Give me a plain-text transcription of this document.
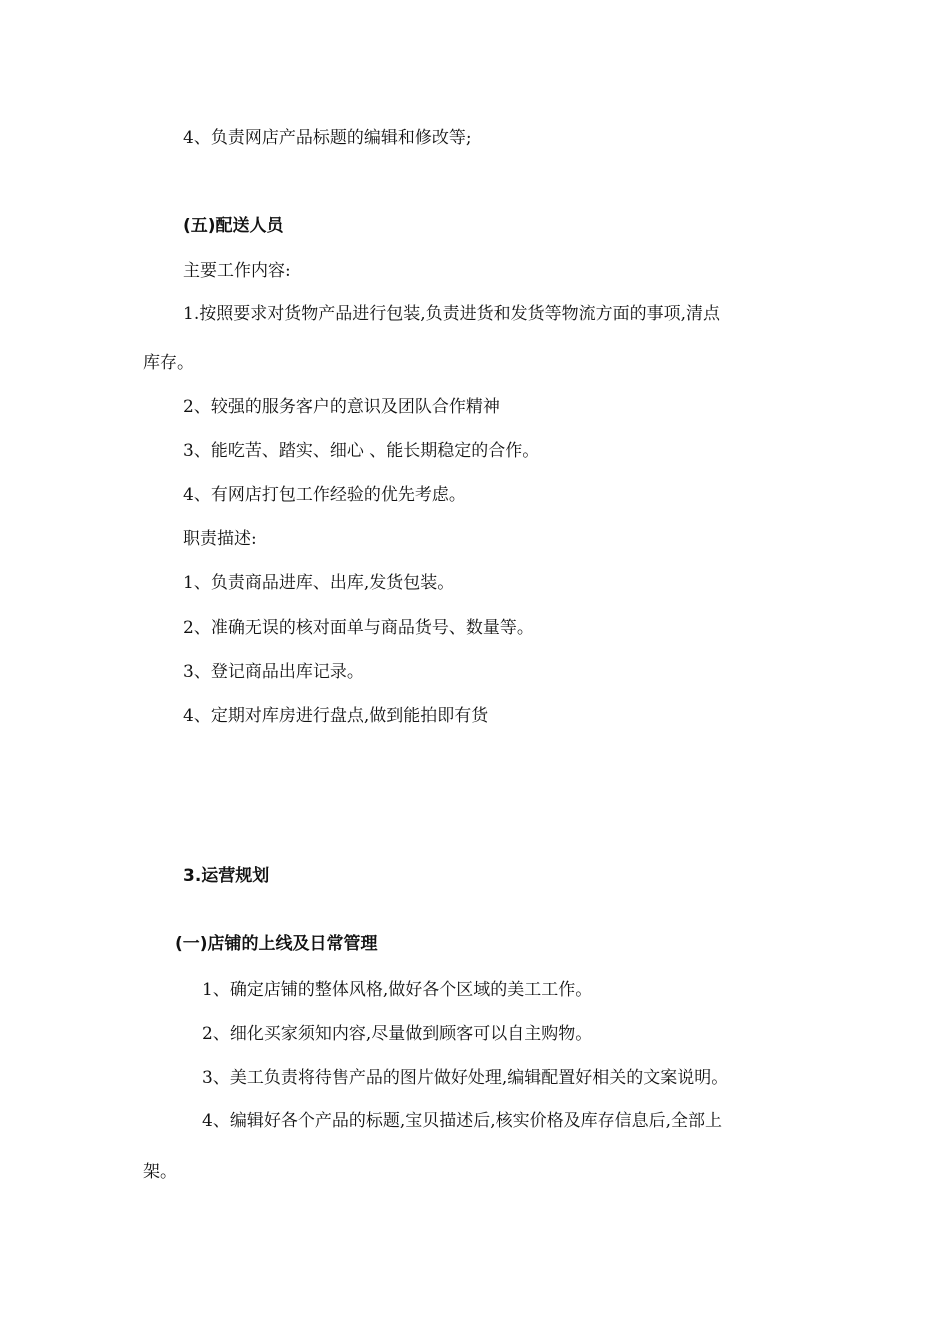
4、负责网店产品标题的编辑和修改等;

(五)配送人员

主要工作内容:

1.按照要求对货物产品进行包装,负责进货和发货等物流方面的事项,清点

库存。

2、较强的服务客户的意识及团队合作精神

3、能吃苦、踏实、细心 、能长期稳定的合作。

4、有网店打包工作经验的优先考虑。

职责描述:

1、负责商品进库、出库,发货包装。

2、准确无误的核对面单与商品货号、数量等。

3、登记商品出库记录。

4、定期对库房进行盘点,做到能拍即有货

3.运营规划

(一)店铺的上线及日常管理

1、确定店铺的整体风格,做好各个区域的美工工作。

2、细化买家须知内容,尽量做到顾客可以自主购物。

3、美工负责将待售产品的图片做好处理,编辑配置好相关的文案说明。

4、编辑好各个产品的标题,宝贝描述后,核实价格及库存信息后,全部上

架。
